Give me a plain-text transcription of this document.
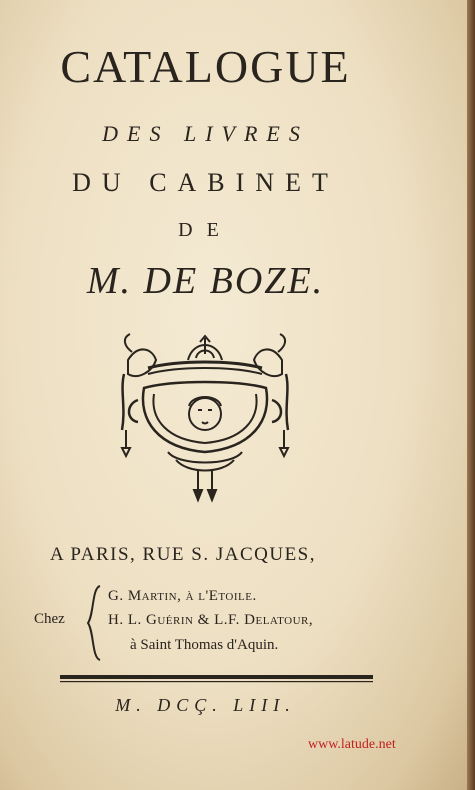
CATALOGUE
DES LIVRES
DU CABINET
DE
M. DE BOZE.
A PARIS, RUE S. JACQUES,
Chez
G. Martin, à l'Etoile.
H. L. Guérin & L.F. Delatour,
à Saint Thomas d'Aquin.
M. DCÇ. LIII.
www.latude.net
